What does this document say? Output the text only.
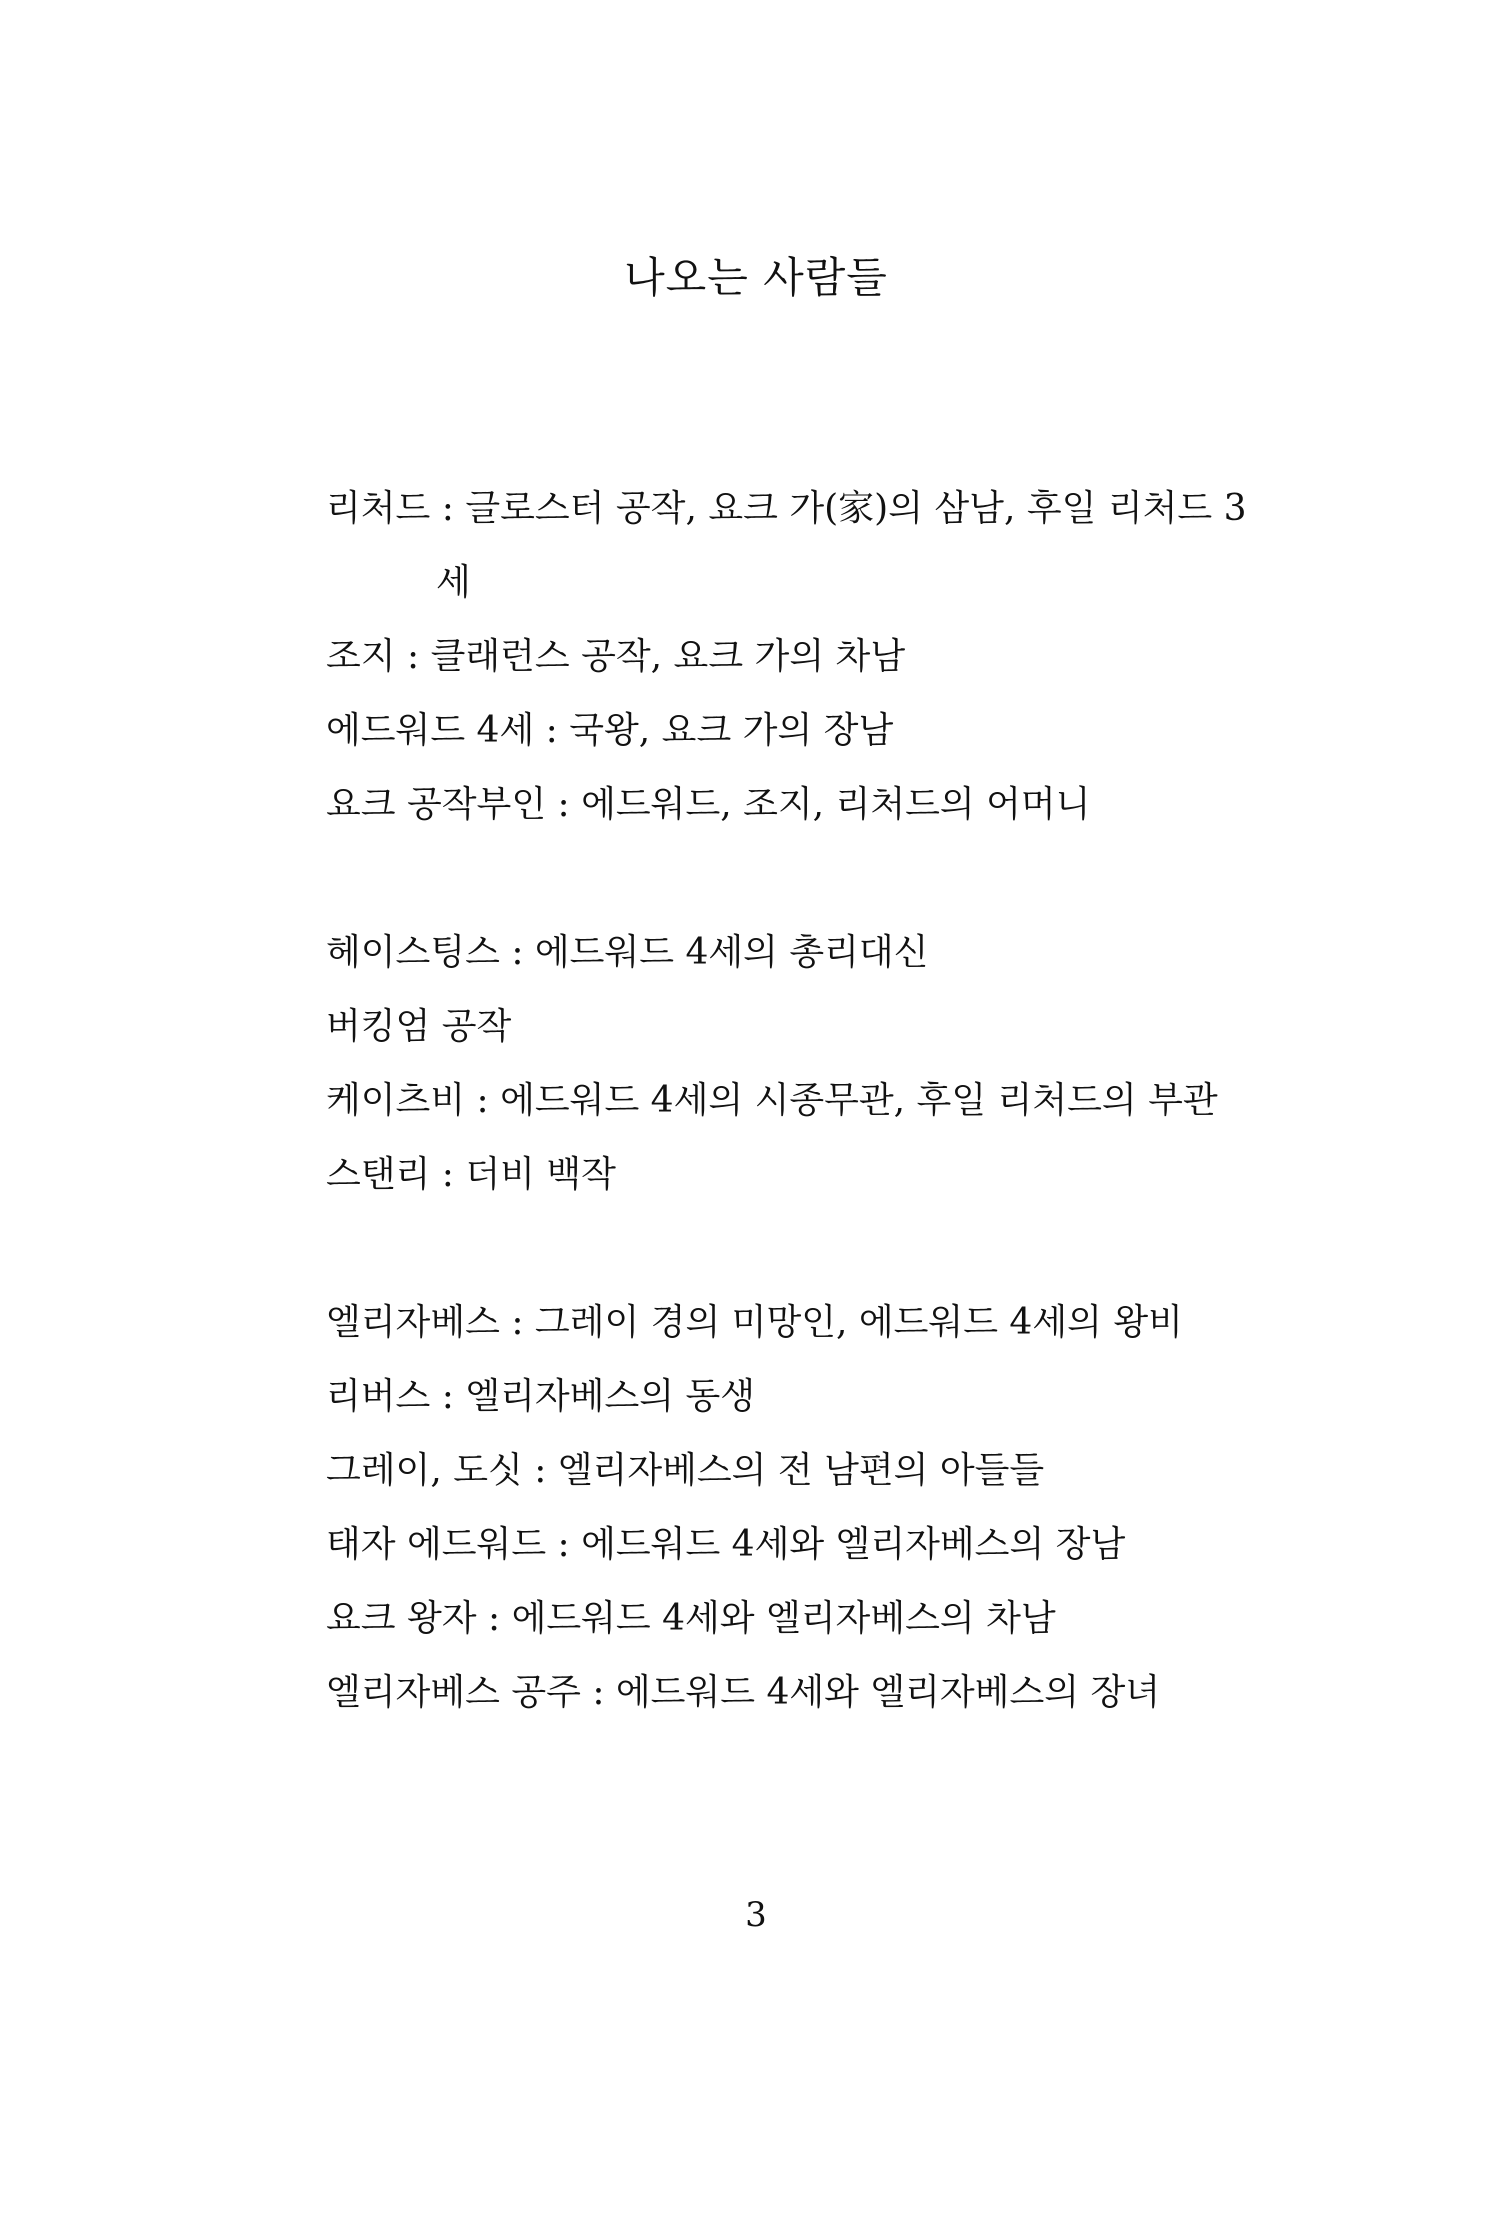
나오는 사람들
리처드 : 글로스터 공작, 요크 가(家)의 삼남, 후일 리처드 3
세
조지 : 클래런스 공작, 요크 가의 차남
에드워드 4세 : 국왕, 요크 가의 장남
요크 공작부인 : 에드워드, 조지, 리처드의 어머니
헤이스팅스 : 에드워드 4세의 총리대신
버킹엄 공작
케이츠비 : 에드워드 4세의 시종무관, 후일 리처드의 부관
스탠리 : 더비 백작
엘리자베스 : 그레이 경의 미망인, 에드워드 4세의 왕비
리버스 : 엘리자베스의 동생
그레이, 도싯 : 엘리자베스의 전 남편의 아들들
태자 에드워드 : 에드워드 4세와 엘리자베스의 장남
요크 왕자 : 에드워드 4세와 엘리자베스의 차남
엘리자베스 공주 : 에드워드 4세와 엘리자베스의 장녀
3
